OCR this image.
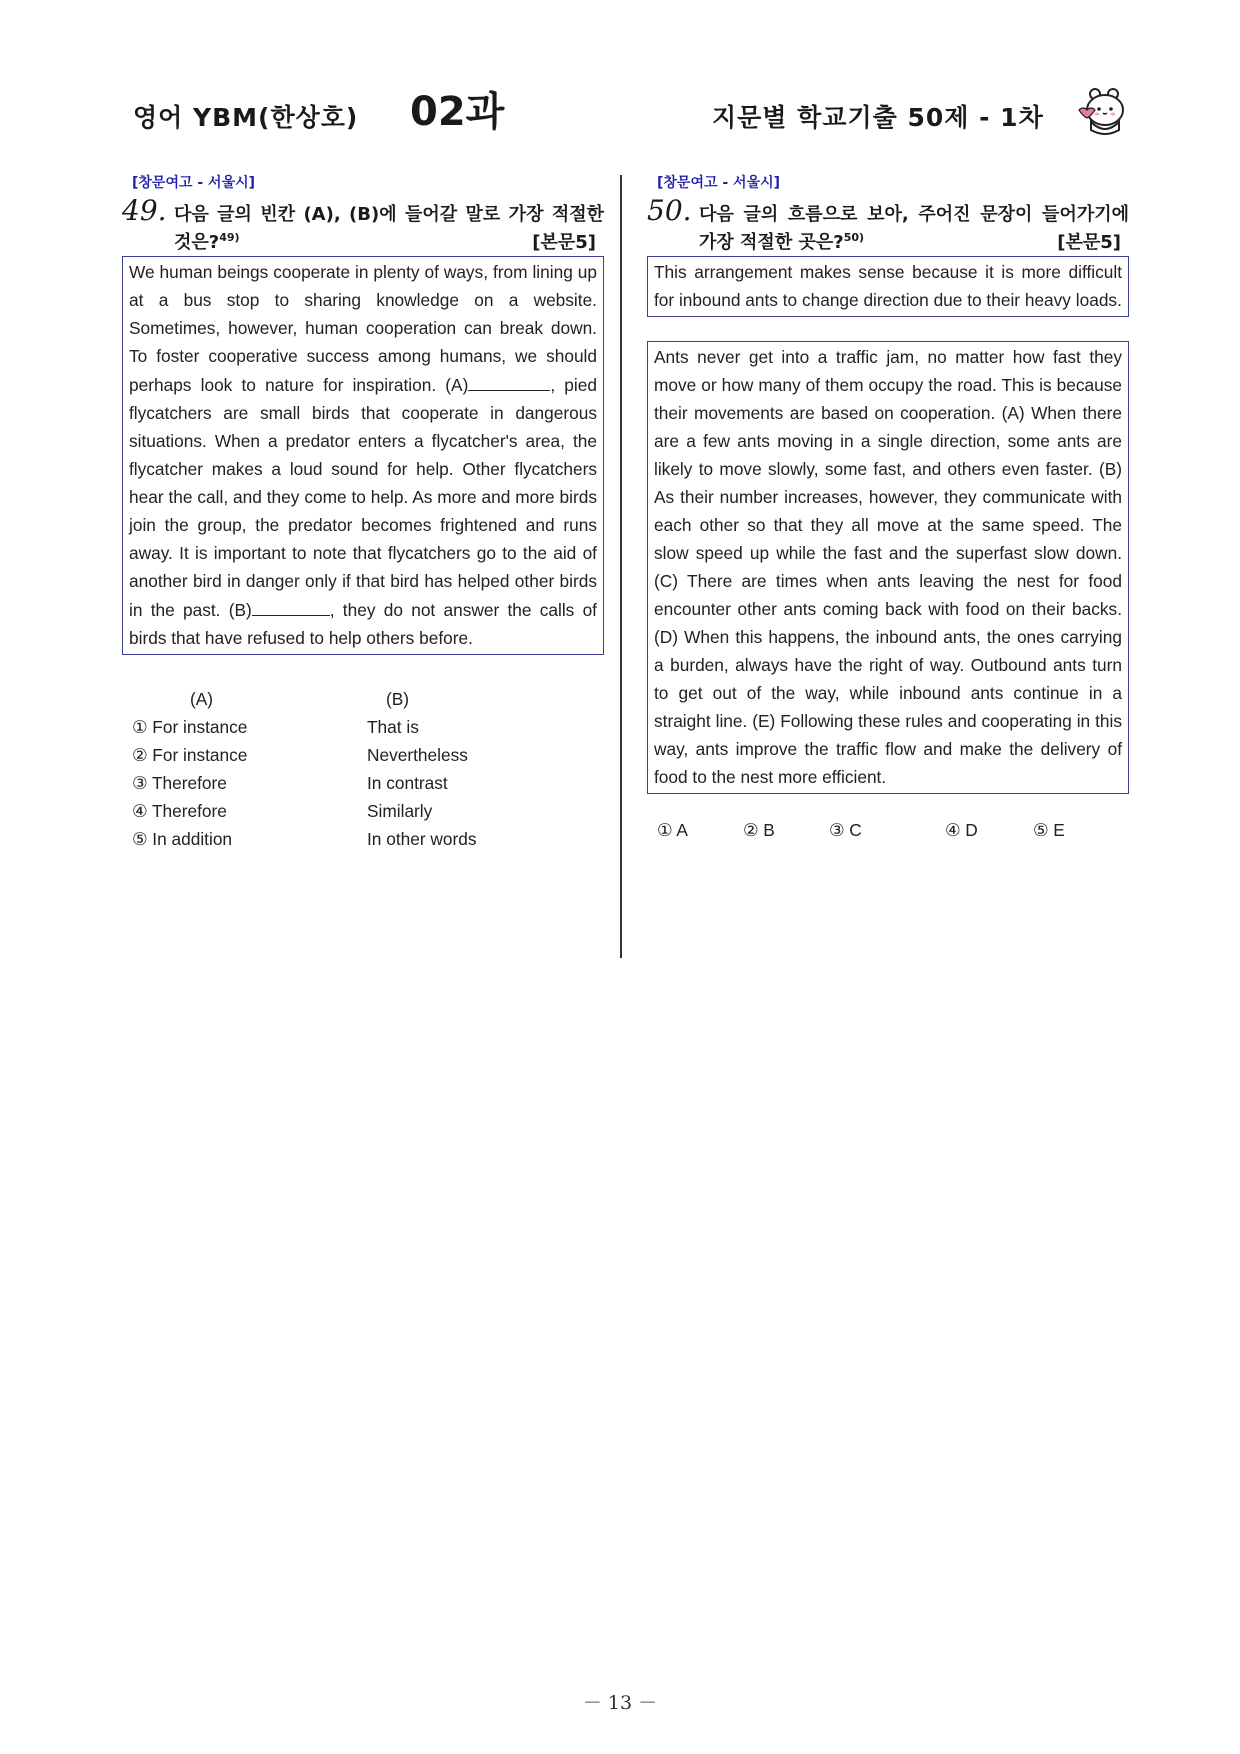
영어 YBM(한상호) 02과	지문별 학교기출 50제 - 1차
[창문여고 - 서울시]
49. 다음 글의 빈칸 (A), (B)에 들어갈 말로 가장 적절한
것은?$^{49)}$	[본문5]
We human beings cooperate in plenty of ways, from lining up at a bus stop to sharing knowledge on a website. Sometimes, however, human cooperation can break down. To foster cooperative success among humans, we should perhaps look to nature for inspiration. (A)	, pied flycatchers are small birds that cooperate in dangerous situations. When a predator enters a flycatcher's area, the flycatcher makes a loud sound for help. Other flycatchers hear the call, and they come to help. As more and more birds join the group, the predator becomes frightened and runs away. It is important to note that flycatchers go to the aid of another bird in danger only if that bird has helped other birds in the past. (B)	, they do not answer the calls of birds that have refused to help others before.
(A)	(B)
① For instance	That is
② For instance	Nevertheless
③ Therefore	In contrast
④ Therefore	Similarly
⑤ In addition	In other words
[창문여고 - 서울시]
50. 다음 글의 흐름으로 보아, 주어진 문장이 들어가기에
가장 적절한 곳은?$^{50)}$	[본문5]
This arrangement makes sense because it is more difficult for inbound ants to change direction due to their heavy loads.
Ants never get into a traffic jam, no matter how fast they move or how many of them occupy the road. This is because their movements are based on cooperation. (A) When there are a few ants moving in a single direction, some ants are likely to move slowly, some fast, and others even faster. (B) As their number increases, however, they communicate with each other so that they all move at the same speed. The slow speed up while the fast and the superfast slow down. (C) There are times when ants leaving the nest for food encounter other ants coming back with food on their backs. (D) When this happens, the inbound ants, the ones carrying a burden, always have the right of way. Outbound ants turn to get out of the way, while inbound ants continue in a straight line. (E) Following these rules and cooperating in this way, ants improve the traffic flow and make the delivery of food to the nest more efficient.
① A	② B	③ C	④ D	⑤ E
－ 13 －
